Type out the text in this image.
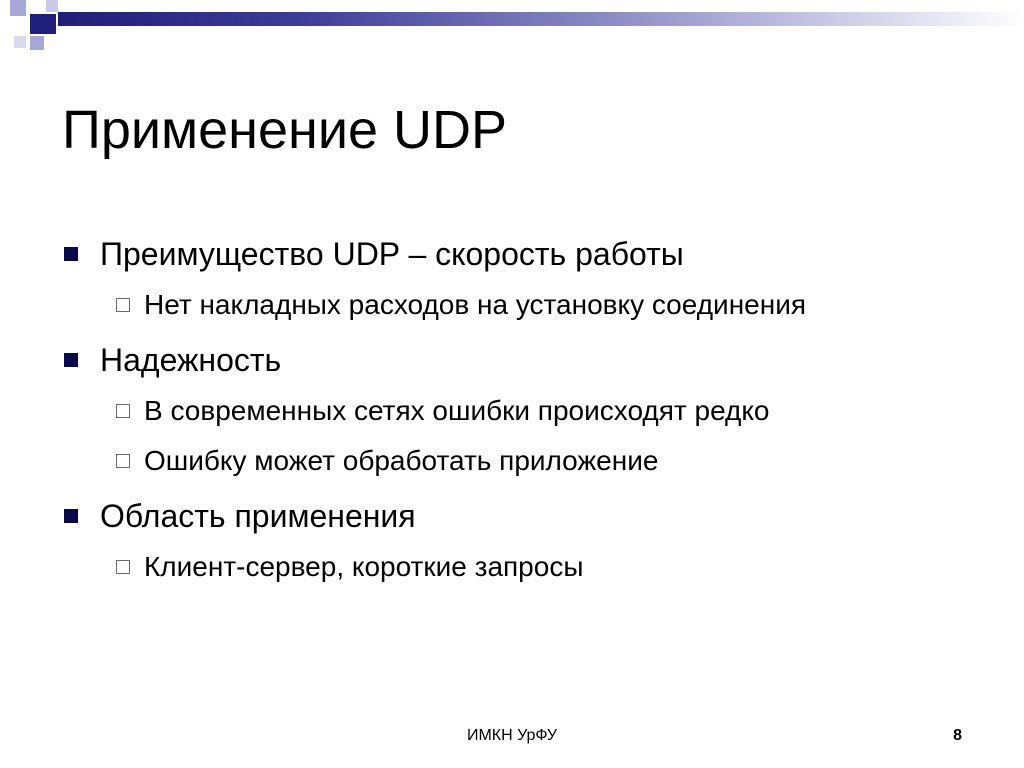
Применение UDP
Преимущество UDP – скорость работы
Нет накладных расходов на установку соединения
Надежность
В современных сетях ошибки происходят редко
Ошибку может обработать приложение
Область применения
Клиент-сервер, короткие запросы
ИМКН УрФУ	8
